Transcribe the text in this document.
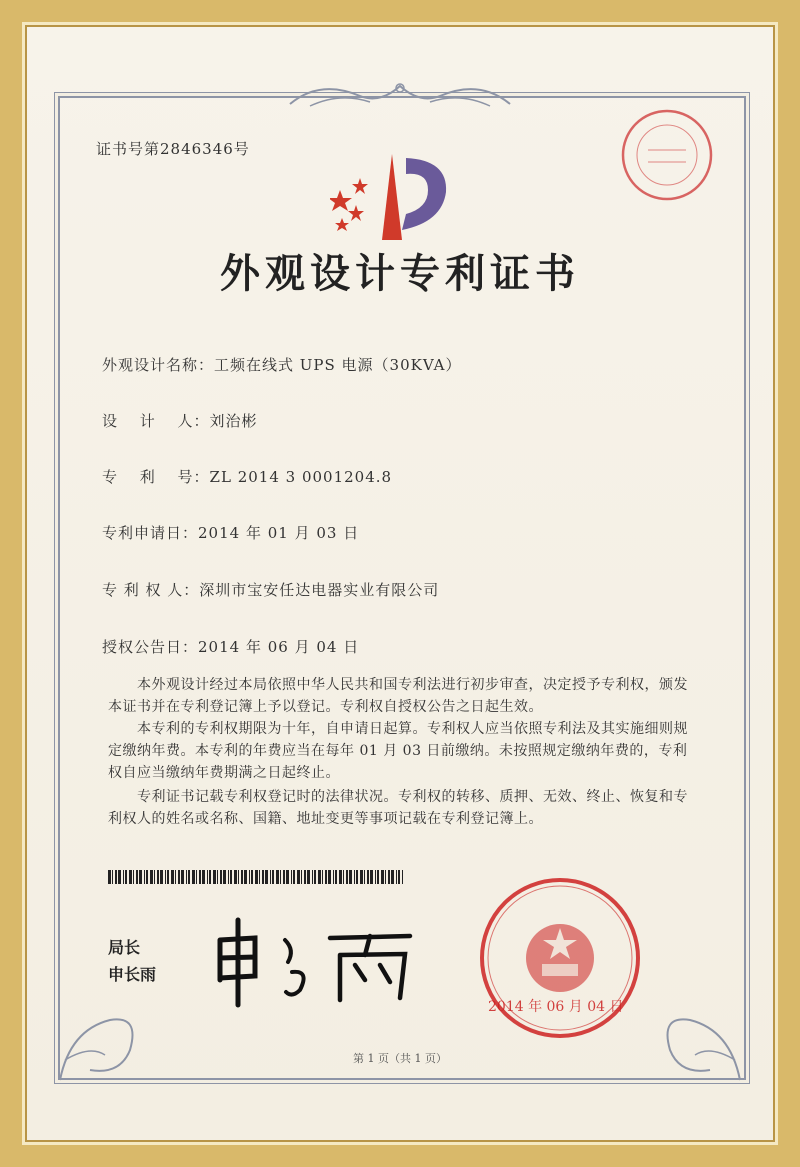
证书号第2846346号
外观设计专利证书
外观设计名称：工频在线式 UPS 电源（30KVA）
设　 计　 人：刘治彬
专　 利　 号：ZL 2014 3 0001204.8
专利申请日：2014 年 01 月 03 日
专 利 权 人：深圳市宝安任达电器实业有限公司
授权公告日：2014 年 06 月 04 日
　　本外观设计经过本局依照中华人民共和国专利法进行初步审查，决定授予专利权，颁发本证书并在专利登记簿上予以登记。专利权自授权公告之日起生效。
　　本专利的专利权期限为十年，自申请日起算。专利权人应当依照专利法及其实施细则规定缴纳年费。本专利的年费应当在每年 01 月 03 日前缴纳。未按照规定缴纳年费的，专利权自应当缴纳年费期满之日起终止。
　　专利证书记载专利权登记时的法律状况。专利权的转移、质押、无效、终止、恢复和专利权人的姓名或名称、国籍、地址变更等事项记载在专利登记簿上。
局长
申长雨
2014 年 06 月 04 日
第 1 页（共 1 页）
